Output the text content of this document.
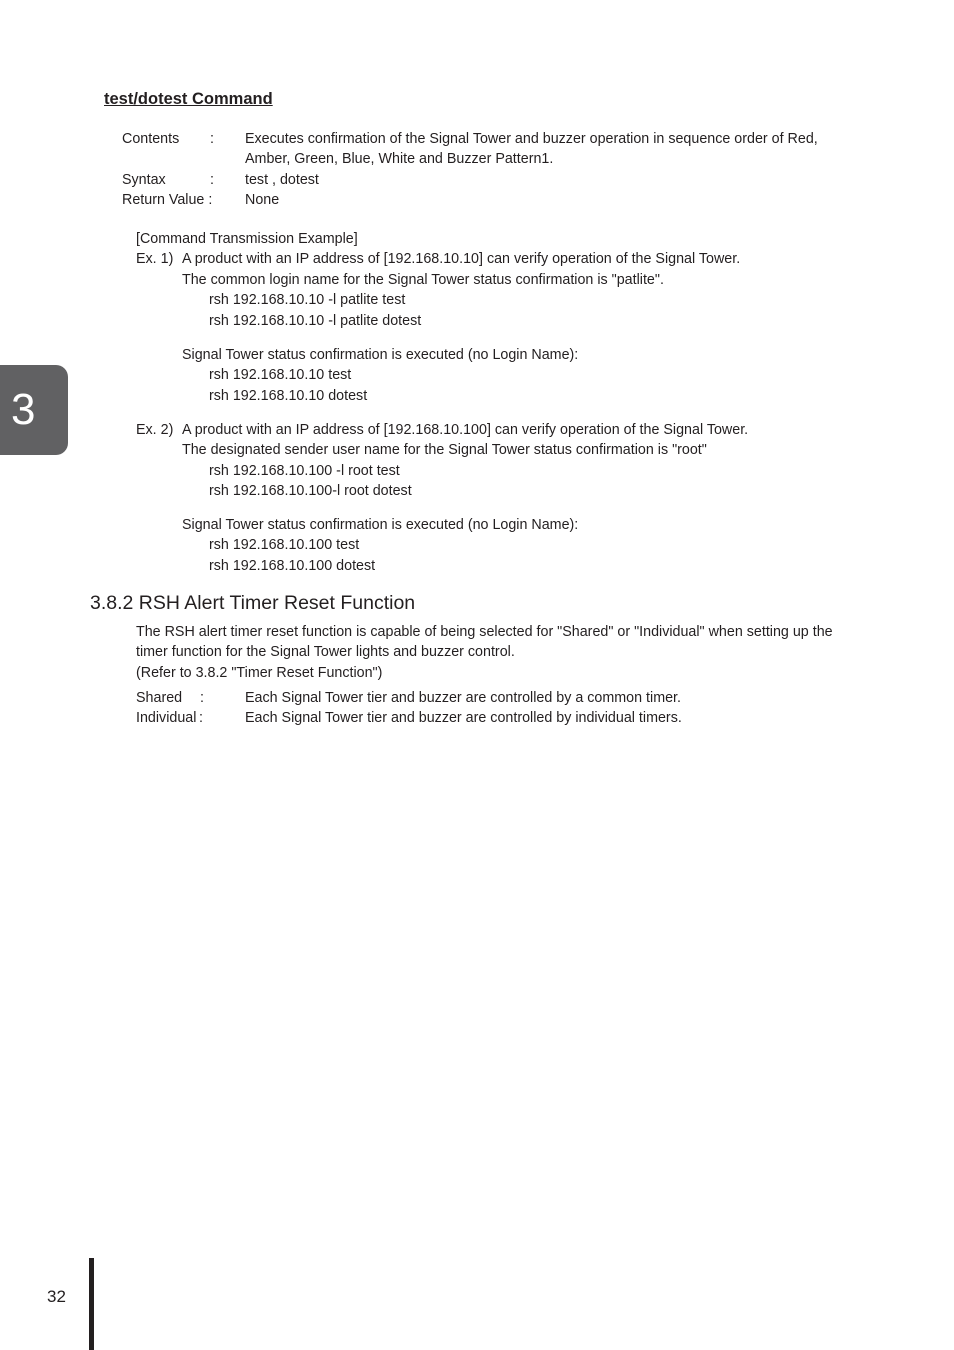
test/dotest Command
Contents : Executes confirmation of the Signal Tower and buzzer operation in sequence order of Red,
Amber, Green, Blue, White and Buzzer Pattern1.
Syntax	: test , dotest
Return Value : None
[Command Transmission Example]
Ex. 1) A product with an IP address of [192.168.10.10] can verify operation of the Signal Tower.
The common login name for the Signal Tower status confirmation is "patlite".
rsh 192.168.10.10 -l patlite test
rsh 192.168.10.10 -l patlite dotest
Signal Tower status confirmation is executed (no Login Name):
rsh 192.168.10.10 test
rsh 192.168.10.10 dotest
Ex. 2) A product with an IP address of [192.168.10.100] can verify operation of the Signal Tower.
The designated sender user name for the Signal Tower status confirmation is "root"
rsh 192.168.10.100 -l root test
rsh 192.168.10.100-l root dotest
Signal Tower status confirmation is executed (no Login Name):
rsh 192.168.10.100 test
rsh 192.168.10.100 dotest
3.8.2 RSH Alert Timer Reset Function
The RSH alert timer reset function is capable of being selected for "Shared" or "Individual" when setting up the
timer function for the Signal Tower lights and buzzer control.
(Refer to 3.8.2 "Timer Reset Function")
Shared :	Each Signal Tower tier and buzzer are controlled by a common timer.
Individual :	Each Signal Tower tier and buzzer are controlled by individual timers.
3
32
